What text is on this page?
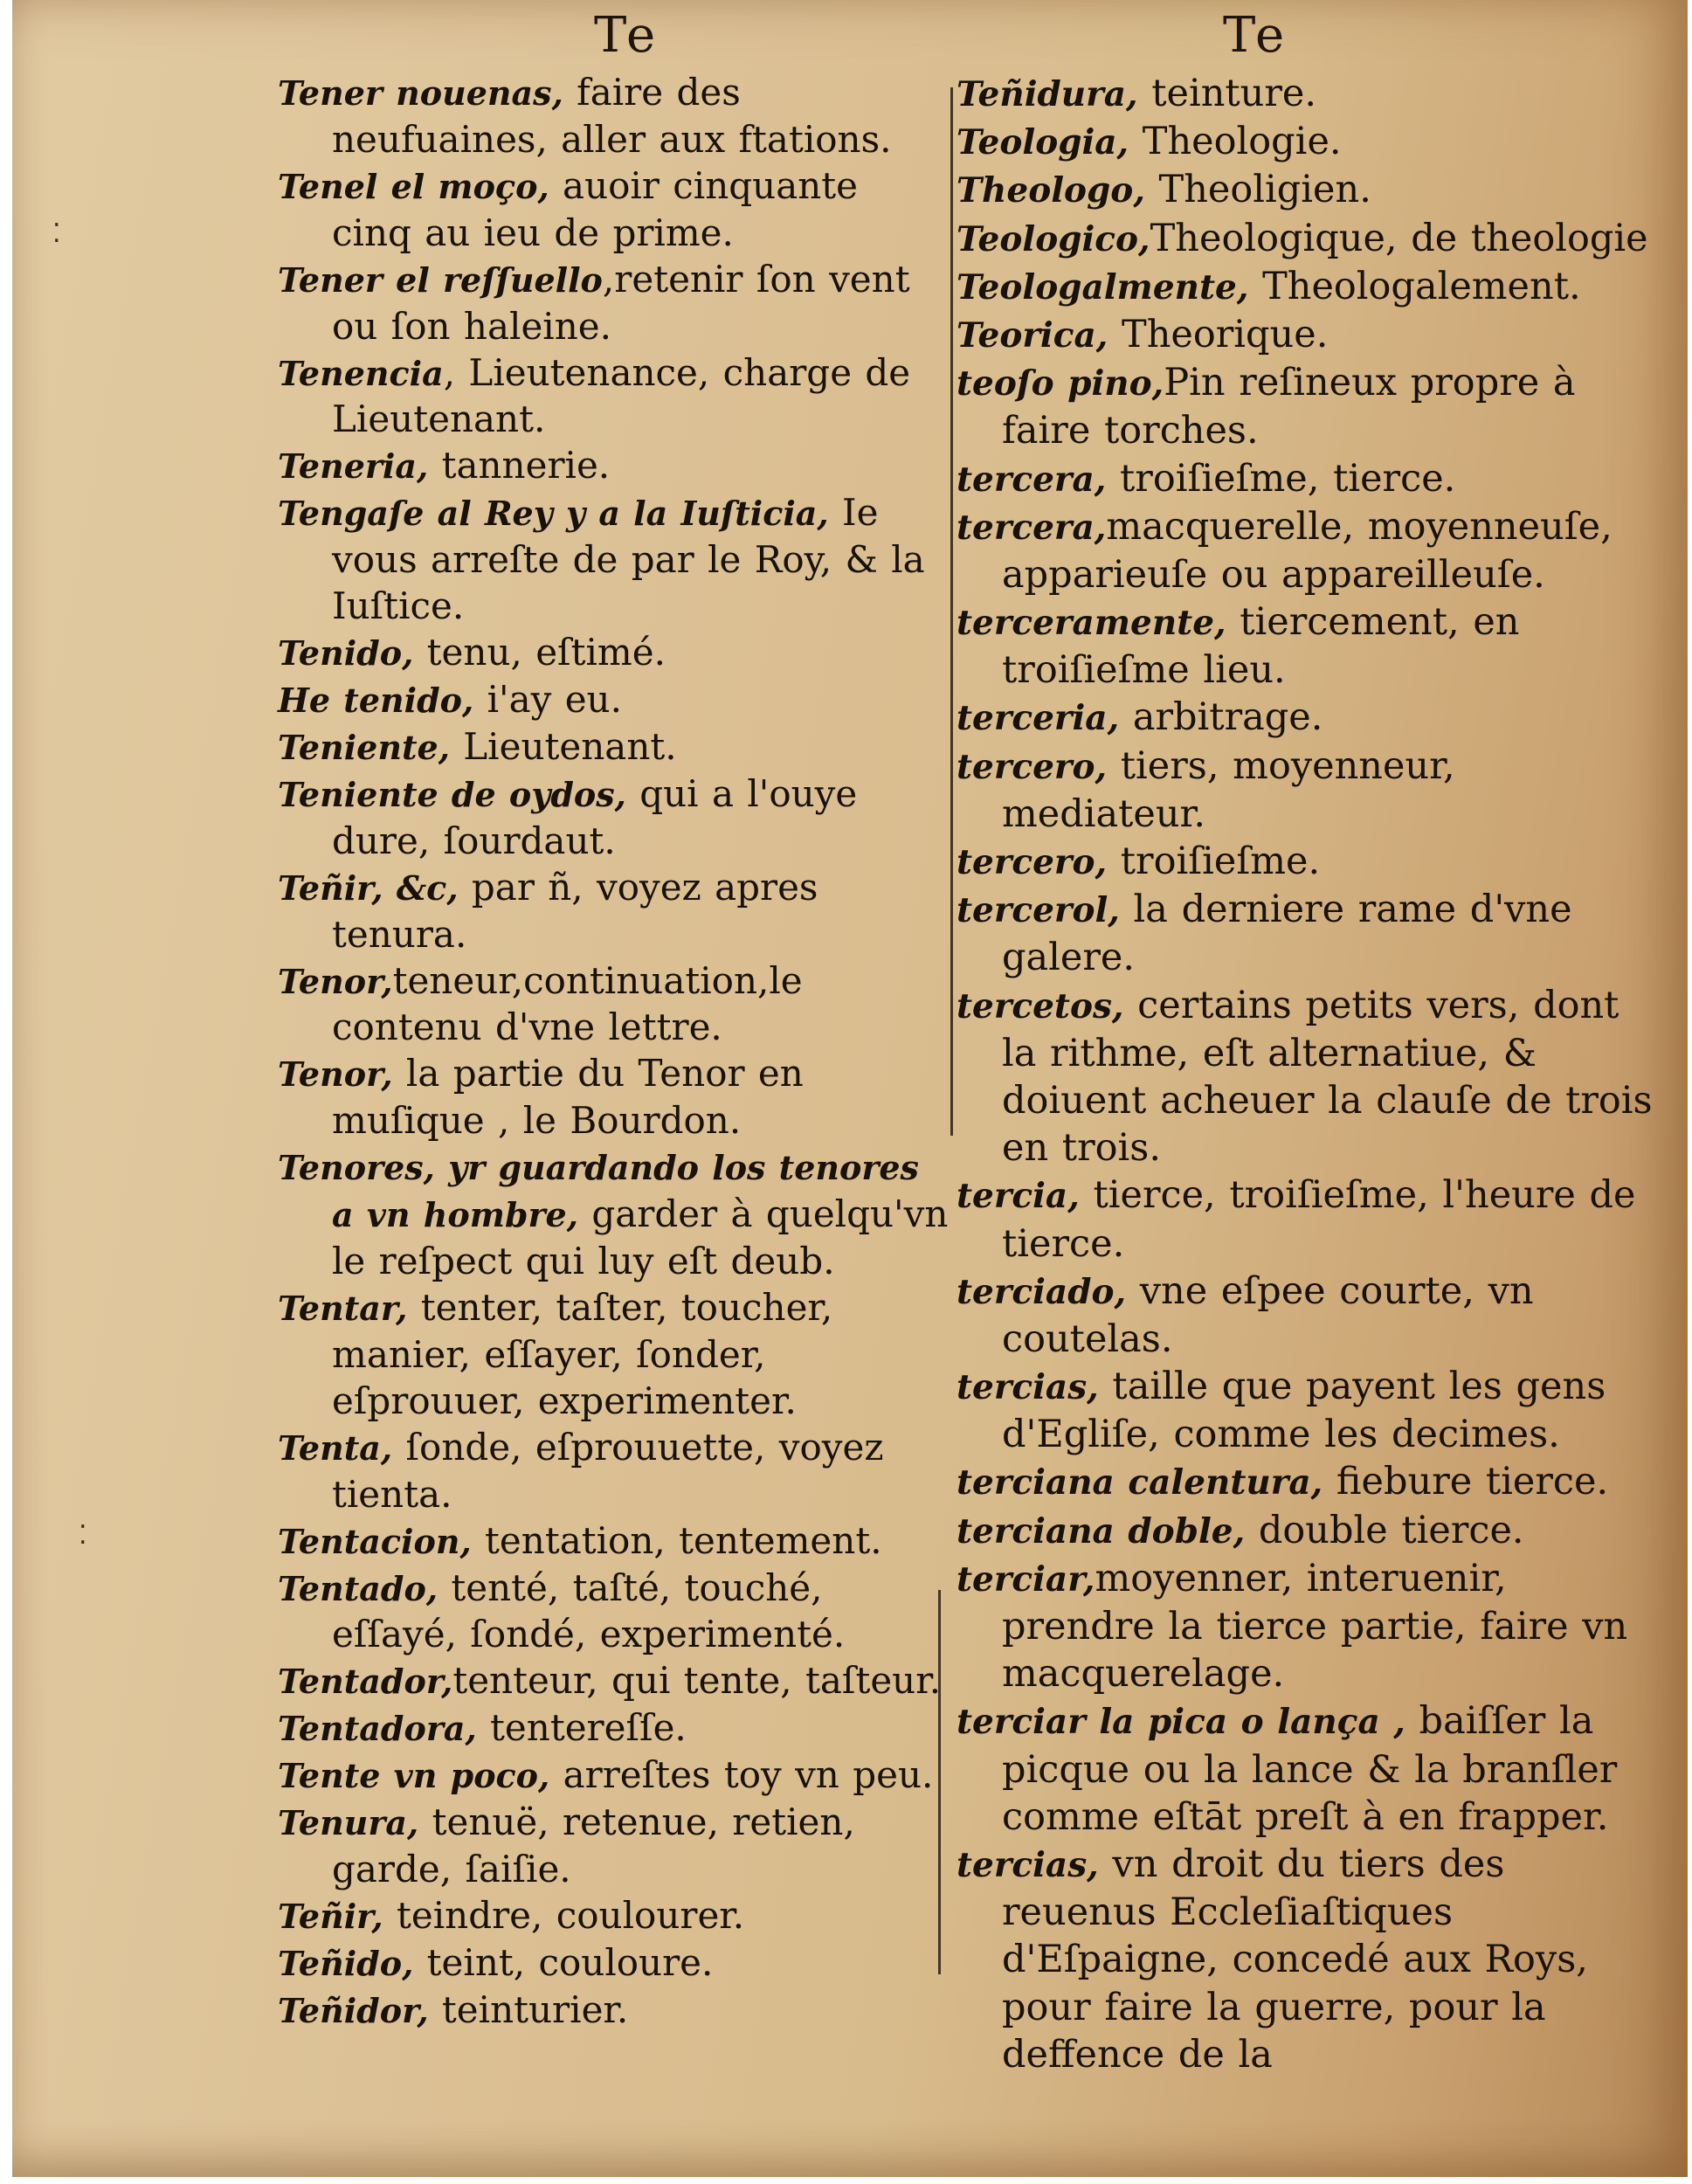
Te	Te
⁚
⁚
Tener nouenas, faire des neufuaines, aller aux ftations.
Tenel el moço, auoir cinquante cinq au ieu de prime.
Tener el reſſuello,retenir ſon vent ou ſon haleine.
Tenencia, Lieutenance, charge de Lieutenant.
Teneria, tannerie.
Tengaſe al Rey y a la Iuſticia, Ie vous arreſte de par le Roy, & la Iuſtice.
Tenido, tenu, eſtimé.
He tenido, i'ay eu.
Teniente, Lieutenant.
Teniente de oydos, qui a l'ouye dure, ſourdaut.
Teñir, &c, par ñ, voyez apres tenura.
Tenor,teneur,continuation,le contenu d'vne lettre.
Tenor, la partie du Tenor en muſique , le Bourdon.
Tenores, yr guardando los tenores a vn hombre, garder à quelqu'vn le reſpect qui luy eſt deub.
Tentar, tenter, taſter, toucher, manier, eſſayer, ſonder, eſprouuer, experimenter.
Tenta, ſonde, eſprouuette, voyez tienta.
Tentacion, tentation, tentement.
Tentado, tenté, taſté, touché, eſſayé, ſondé, experimenté.
Tentador,tenteur, qui tente, taſteur.
Tentadora, tentereſſe.
Tente vn poco, arreſtes toy vn peu.
Tenura, tenuë, retenue, retien, garde, ſaiſie.
Teñir, teindre, coulourer.
Teñido, teint, couloure.
Teñidor, teinturier.
Teñidura, teinture.
Teologia, Theologie.
Theologo, Theoligien.
Teologico,Theologique, de theologie
Teologalmente, Theologalement.
Teorica, Theorique.
teoſo pino,Pin reſineux propre à faire torches.
tercera, troiſieſme, tierce.
tercera,macquerelle, moyenneuſe, apparieuſe ou appareilleuſe.
terceramente, tiercement, en troiſieſme lieu.
terceria, arbitrage.
tercero, tiers, moyenneur, mediateur.
tercero, troiſieſme.
tercerol, la derniere rame d'vne galere.
tercetos, certains petits vers, dont la rithme, eſt alternatiue, & doiuent acheuer la clauſe de trois en trois.
tercia, tierce, troiſieſme, l'heure de tierce.
terciado, vne eſpee courte, vn coutelas.
tercias, taille que payent les gens d'Egliſe, comme les decimes.
terciana calentura, fiebure tierce.
terciana doble, double tierce.
terciar,moyenner, interuenir, prendre la tierce partie, faire vn macquerelage.
terciar la pica o lança , baiſſer la picque ou la lance & la branſler comme eſtāt preſt à en frapper.
tercias, vn droit du tiers des reuenus Eccleſiaſtiques d'Eſpaigne, concedé aux Roys, pour faire la guerre, pour la deffence de la
